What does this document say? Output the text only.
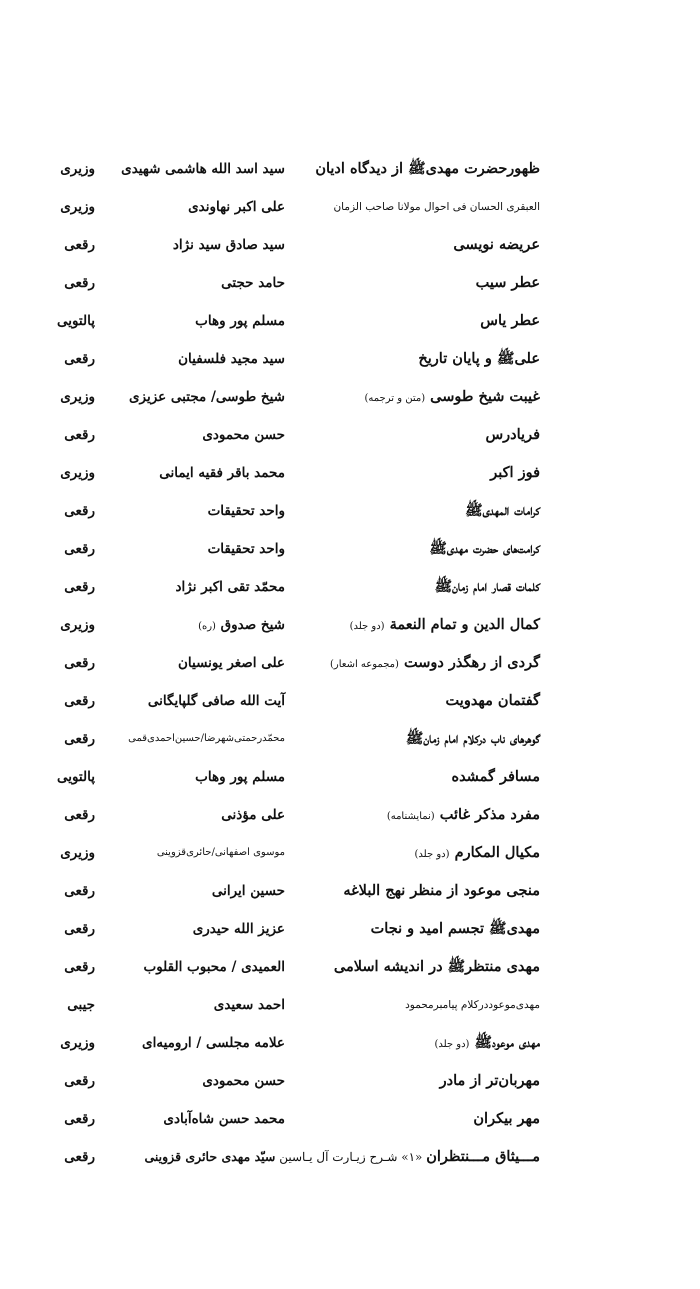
ظهورحضرت مهدی‌ﷺ از دیدگاه ادیان
سید اسد الله هاشمی شهیدی
وزیری
العبقری الحسان فی احوال مولانا صاحب الزمان
علی اکبر نهاوندی
وزیری
عریضه نویسی
سید صادق سید نژاد
رقعی
عطر سیب
حامد حجتی
رقعی
عطر یاس
مسلم پور وهاب
پالتویی
علی‌ﷺ و پایان تاریخ
سید مجید فلسفیان
رقعی
غیبت شیخ طوسی (متن و ترجمه)
شیخ طوسی/ مجتبی عزیزی
وزیری
فریادرس
حسن محمودی
رقعی
فوز اکبر
محمد باقر فقیه ایمانی
وزیری
کرامات المهدی‌ﷺ
واحد تحقیقات
رقعی
کرامت‌های حضرت مهدی‌ﷺ
واحد تحقیقات
رقعی
کلمات قصار امام زمان‌ﷺ
محمّد تقی اکبر نژاد
رقعی
کمال الدین و تمام النعمة (دو جلد)
شیخ صدوق (ره)
وزیری
گردی از رهگذر دوست (مجموعه اشعار)
علی اصغر یونسیان
رقعی
گفتمان مهدویت
آیت الله صافی گلپایگانی
رقعی
گوهرهای ناب درکلام امام زمان‌ﷺ
محمّدرحمتی‌شهرضا/حسین‌احمدی‌قمی
رقعی
مسافر گمشده
مسلم پور وهاب
پالتویی
مفرد مذکر غائب (نمایشنامه)
علی مؤذنی
رقعی
مکیال المکارم (دو جلد)
موسوی اصفهانی/حائری‌قزوینی
وزیری
منجی موعود از منظر نهج البلاغه
حسین ایرانی
رقعی
مهدی‌ﷺ تجسم امید و نجات
عزیز الله حیدری
رقعی
مهدی منتظر‌ﷺ در اندیشه اسلامی
العمیدی / محبوب القلوب
رقعی
مهدی‌موعوددرکلام پیامبرمحمود
احمد سعیدی
جیبی
مهدی موعود‌ﷺ (دو جلد)
علامه مجلسی / ارومیه‌ای
وزیری
مهربان‌تر از مادر
حسن محمودی
رقعی
مهر بیکران
محمد حسن شاه‌آبادی
رقعی
مـــیثاق مـــنتظران «۱» شـرح زیـارت آل یـاسین سیّد مهدی حائری قزوینی
رقعی
